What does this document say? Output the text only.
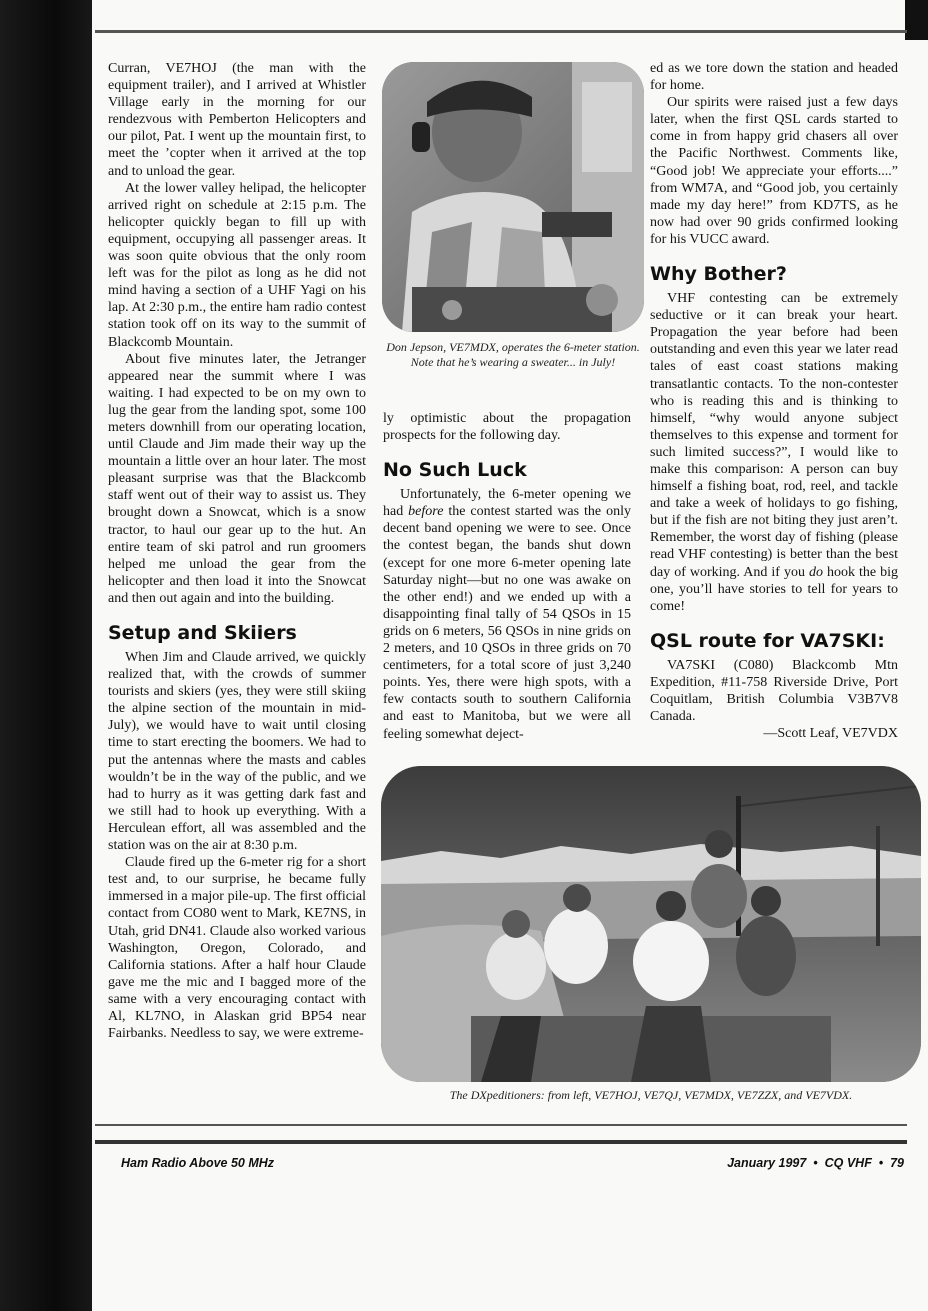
Curran, VE7HOJ (the man with the equipment trailer), and I arrived at Whistler Village early in the morning for our rendezvous with Pemberton Helicopters and our pilot, Pat. I went up the mountain first, to meet the ’copter when it arrived at the top and to unload the gear.

At the lower valley helipad, the helicopter arrived right on schedule at 2:15 p.m. The helicopter quickly began to fill up with equipment, occupying all passenger areas. It was soon quite obvious that the only room left was for the pilot as long as he did not mind having a section of a UHF Yagi on his lap. At 2:30 p.m., the entire ham radio contest station took off on its way to the summit of Blackcomb Mountain.

About five minutes later, the Jetranger appeared near the summit where I was waiting. I had expected to be on my own to lug the gear from the landing spot, some 100 meters downhill from our operating location, until Claude and Jim made their way up the mountain a little over an hour later. The most pleasant surprise was that the Blackcomb staff went out of their way to assist us. They brought down a Snowcat, which is a snow tractor, to haul our gear up to the hut. An entire team of ski patrol and run groomers helped me unload the gear from the helicopter and then load it into the Snowcat and then out again and into the building.

Setup and Skiiers

When Jim and Claude arrived, we quickly realized that, with the crowds of summer tourists and skiers (yes, they were still skiing the alpine section of the mountain in mid-July), we would have to wait until closing time to start erecting the boomers. We had to put the antennas where the masts and cables wouldn’t be in the way of the public, and we had to hurry as it was getting dark fast and we still had to hook up everything. With a Herculean effort, all was assembled and the station was on the air at 8:30 p.m.

Claude fired up the 6-meter rig for a short test and, to our surprise, he became fully immersed in a major pile-up. The first official contact from CO80 went to Mark, KE7NS, in Utah, grid DN41. Claude also worked various Washington, Oregon, Colorado, and California stations. After a half hour Claude gave me the mic and I bagged more of the same with a very encouraging contact with Al, KL7NO, in Alaskan grid BP54 near Fairbanks. Needless to say, we were extreme-

Don Jepson, VE7MDX, operates the 6-meter station. Note that he’s wearing a sweater... in July!

ly optimistic about the propagation prospects for the following day.

No Such Luck

Unfortunately, the 6-meter opening we had before the contest started was the only decent band opening we were to see. Once the contest began, the bands shut down (except for one more 6-meter opening late Saturday night—but no one was awake on the other end!) and we ended up with a disappointing final tally of 54 QSOs in 15 grids on 6 meters, 56 QSOs in nine grids on 2 meters, and 10 QSOs in three grids on 70 centimeters, for a total score of just 3,240 points. Yes, there were high spots, with a few contacts south to southern California and east to Manitoba, but we were all feeling somewhat deject-

ed as we tore down the station and headed for home.

Our spirits were raised just a few days later, when the first QSL cards started to come in from happy grid chasers all over the Pacific Northwest. Comments like, “Good job! We appreciate your efforts....” from WM7A, and “Good job, you certainly made my day here!” from KD7TS, as he now had over 90 grids confirmed looking for his VUCC award.

Why Bother?

VHF contesting can be extremely seductive or it can break your heart. Propagation the year before had been outstanding and even this year we later read tales of east coast stations making transatlantic contacts. To the non-contester who is reading this and is thinking to himself, “why would anyone subject themselves to this expense and torment for such limited success?”, I would like to make this comparison: A person can buy himself a fishing boat, rod, reel, and tackle and take a week of holidays to go fishing, but if the fish are not biting they just aren’t. Remember, the worst day of fishing (please read VHF contesting) is better than the best day of working. And if you do hook the big one, you’ll have stories to tell for years to come!

QSL route for VA7SKI:

VA7SKI (C080) Blackcomb Mtn Expedition, #11-758 Riverside Drive, Port Coquitlam, British Columbia V3B7V8 Canada.

—Scott Leaf, VE7VDX

The DXpeditioners: from left, VE7HOJ, VE7QJ, VE7MDX, VE7ZZX, and VE7VDX.
Ham Radio Above 50 MHz	January 1997  •  CQ VHF  •  79
